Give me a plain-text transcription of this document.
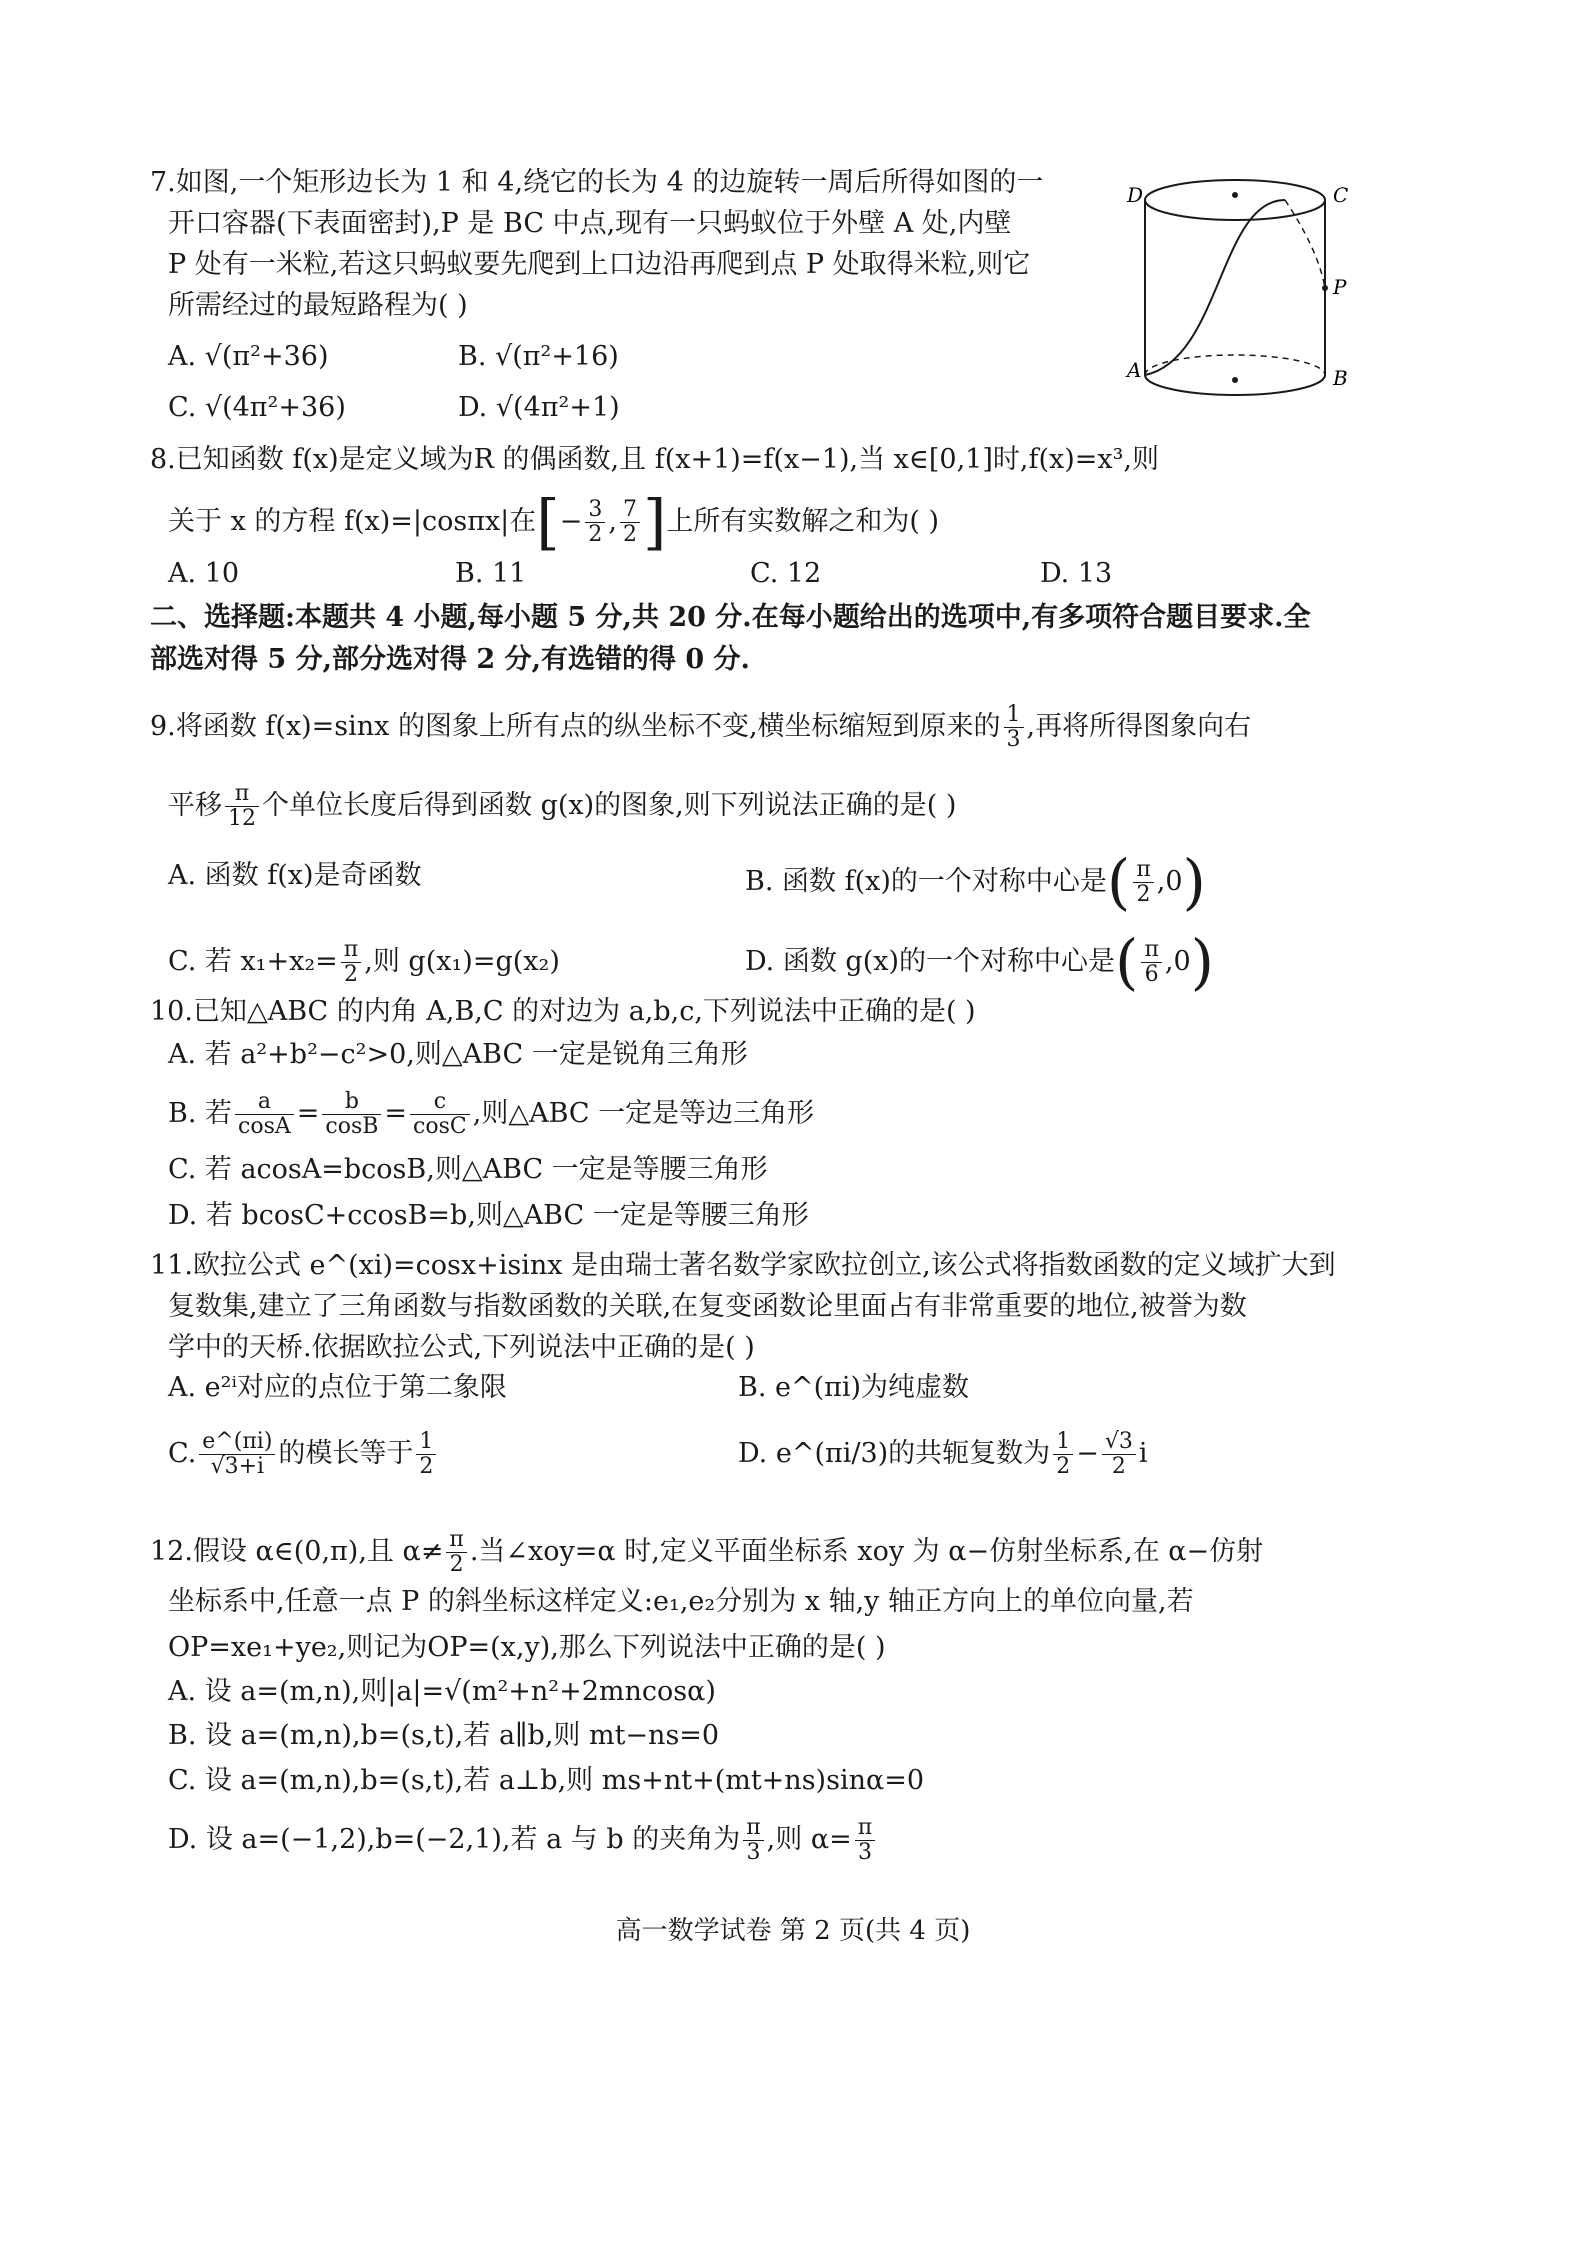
7.如图,一个矩形边长为 1 和 4,绕它的长为 4 的边旋转一周后所得如图的一
开口容器(下表面密封),P 是 BC 中点,现有一只蚂蚁位于外壁 A 处,内壁
P 处有一米粒,若这只蚂蚁要先爬到上口边沿再爬到点 P 处取得米粒,则它
所需经过的最短路程为( )
A. √(π²+36)	B. √(π²+16)
C. √(4π²+36)	D. √(4π²+1)
D	C
P
A	B
8.已知函数 f(x)是定义域为R 的偶函数,且 f(x+1)=f(x−1),当 x∈[0,1]时,f(x)=x³,则
关于 x 的方程 f(x)=|cosπx|在[− $\frac{3}{2}$ , $\frac{7}{2}$ ]上所有实数解之和为( )
A. 10	B. 11	C. 12	D. 13
二、选择题:本题共 4 小题,每小题 5 分,共 20 分.在每小题给出的选项中,有多项符合题目要求.全
部选对得 5 分,部分选对得 2 分,有选错的得 0 分.
9.将函数 f(x)=sinx 的图象上所有点的纵坐标不变,横坐标缩短到原来的 $\frac{1}{3}$ ,再将所得图象向右
平移 $\frac{\pi}{12}$ 个单位长度后得到函数 g(x)的图象,则下列说法正确的是( )
A. 函数 f(x)是奇函数	B. 函数 f(x)的一个对称中心是( $\frac{\pi}{2} ,0$)
C. 若 $x_1+x_2= \frac{\pi}{2}$ ,则 g(x₁)=g(x₂)	D. 函数 g(x)的一个对称中心是( $\frac{\pi}{6} ,0$)
10.已知△ABC 的内角 A,B,C 的对边为 a,b,c,下列说法中正确的是( )
A. 若 a²+b²−c²>0,则△ABC 一定是锐角三角形
B. 若 $\frac{a}{\cos A} = \frac{b}{\cos B} = \frac{c}{\cos C}$ ,则△ABC 一定是等边三角形
C. 若 acosA=bcosB,则△ABC 一定是等腰三角形
D. 若 bcosC+ccosB=b,则△ABC 一定是等腰三角形
11.欧拉公式 e^(xi)=cosx+isinx 是由瑞士著名数学家欧拉创立,该公式将指数函数的定义域扩大到
复数集,建立了三角函数与指数函数的关联,在复变函数论里面占有非常重要的地位,被誉为数
学中的天桥.依据欧拉公式,下列说法中正确的是( )
A. e²ⁱ对应的点位于第二象限	B. e^(πi)为纯虚数
C. $\frac{e\^{}(\pi i)}{√3+i}$ 的模长等于 $\frac{1}{2}$	D. e^(πi/3)的共轭复数为 $\frac{1}{2} - \frac{√3}{2}$ i
12.假设 α∈(0,π),且 $\alpha\ne \frac{\pi}{2}$ .当∠xoy=α 时,定义平面坐标系 xoy 为 α−仿射坐标系,在 α−仿射
坐标系中,任意一点 P 的斜坐标这样定义:e₁,e₂分别为 x 轴,y 轴正方向上的单位向量,若
OP=xe₁+ye₂,则记为OP=(x,y),那么下列说法中正确的是( )
A. 设 a=(m,n),则|a|=√(m²+n²+2mncosα)
B. 设 a=(m,n),b=(s,t),若 a∥b,则 mt−ns=0
C. 设 a=(m,n),b=(s,t),若 a⊥b,则 ms+nt+(mt+ns)sinα=0
D. 设 a=(−1,2),b=(−2,1),若 a 与 b 的夹角为 $\frac{\pi}{3}$ ,则 $\alpha= \frac{\pi}{3}$
高一数学试卷 第 2 页(共 4 页)
